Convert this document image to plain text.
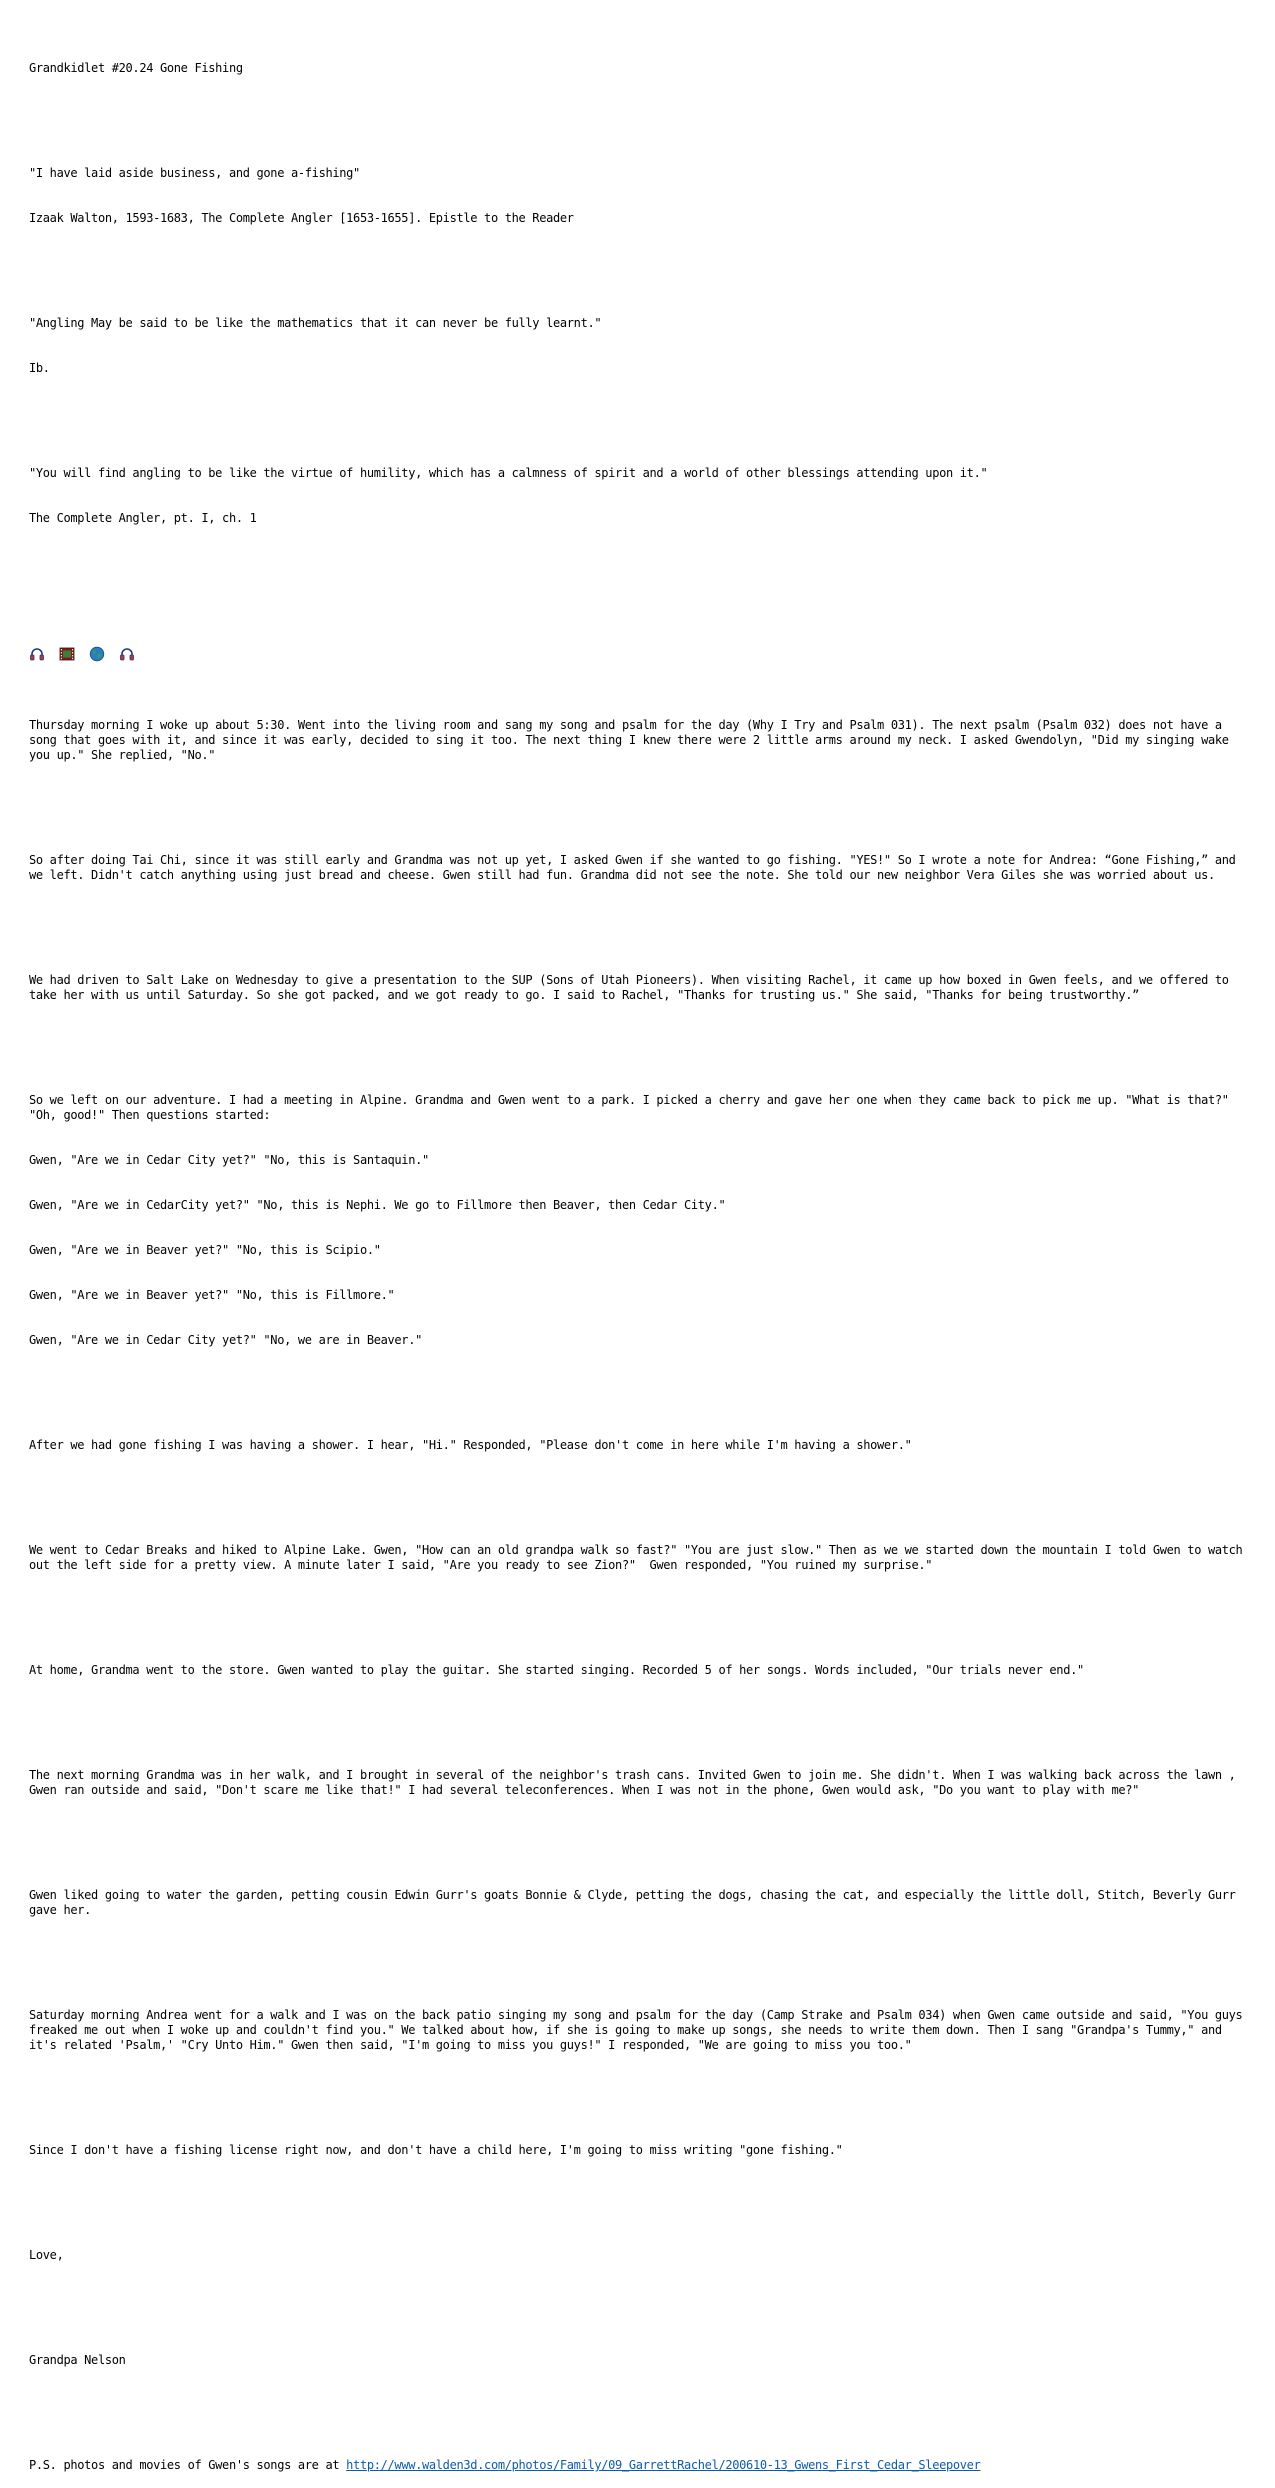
Grandkidlet #20.24 Gone Fishing

"I have laid aside business, and gone a-fishing"

Izaak Walton, 1593-1683, The Complete Angler [1653-1655]. Epistle to the Reader

"Angling May be said to be like the mathematics that it can never be fully learnt."

Ib.

"You will find angling to be like the virtue of humility, which has a calmness of spirit and a world of other blessings attending upon it."

The Complete Angler, pt. I, ch. 1

Thursday morning I woke up about 5:30. Went into the living room and sang my song and psalm for the day (Why I Try and Psalm 031). The next psalm (Psalm 032) does not have a song that goes with it, and since it was early, decided to sing it too. The next thing I knew there were 2 little arms around my neck. I asked Gwendolyn, "Did my singing wake you up." She replied, "No."

So after doing Tai Chi, since it was still early and Grandma was not up yet, I asked Gwen if she wanted to go fishing. "YES!" So I wrote a note for Andrea: “Gone Fishing,” and we left. Didn't catch anything using just bread and cheese. Gwen still had fun. Grandma did not see the note. She told our new neighbor Vera Giles she was worried about us.

We had driven to Salt Lake on Wednesday to give a presentation to the SUP (Sons of Utah Pioneers). When visiting Rachel, it came up how boxed in Gwen feels, and we offered to take her with us until Saturday. So she got packed, and we got ready to go. I said to Rachel, "Thanks for trusting us." She said, "Thanks for being trustworthy.”

So we left on our adventure. I had a meeting in Alpine. Grandma and Gwen went to a park. I picked a cherry and gave her one when they came back to pick me up. "What is that?" "Oh, good!" Then questions started:

Gwen, "Are we in Cedar City yet?" "No, this is Santaquin."

Gwen, "Are we in CedarCity yet?" "No, this is Nephi. We go to Fillmore then Beaver, then Cedar City."

Gwen, "Are we in Beaver yet?" "No, this is Scipio."

Gwen, "Are we in Beaver yet?" "No, this is Fillmore."

Gwen, "Are we in Cedar City yet?" "No, we are in Beaver."

After we had gone fishing I was having a shower. I hear, "Hi." Responded, "Please don't come in here while I'm having a shower."

We went to Cedar Breaks and hiked to Alpine Lake. Gwen, "How can an old grandpa walk so fast?" "You are just slow." Then as we we started down the mountain I told Gwen to watch out the left side for a pretty view. A minute later I said, "Are you ready to see Zion?"  Gwen responded, "You ruined my surprise."

At home, Grandma went to the store. Gwen wanted to play the guitar. She started singing. Recorded 5 of her songs. Words included, "Our trials never end."

The next morning Grandma was in her walk, and I brought in several of the neighbor's trash cans. Invited Gwen to join me. She didn't. When I was walking back across the lawn , Gwen ran outside and said, "Don't scare me like that!" I had several teleconferences. When I was not in the phone, Gwen would ask, "Do you want to play with me?"

Gwen liked going to water the garden, petting cousin Edwin Gurr's goats Bonnie & Clyde, petting the dogs, chasing the cat, and especially the little doll, Stitch, Beverly Gurr gave her.

Saturday morning Andrea went for a walk and I was on the back patio singing my song and psalm for the day (Camp Strake and Psalm 034) when Gwen came outside and said, "You guys freaked me out when I woke up and couldn't find you." We talked about how, if she is going to make up songs, she needs to write them down. Then I sang "Grandpa's Tummy," and it's related 'Psalm,' "Cry Unto Him." Gwen then said, "I'm going to miss you guys!" I responded, "We are going to miss you too."

Since I don't have a fishing license right now, and don't have a child here, I'm going to miss writing "gone fishing."

Love,

Grandpa Nelson

P.S. photos and movies of Gwen's songs are at http://www.walden3d.com/photos/Family/09_GarrettRachel/200610-13_Gwens_First_Cedar_Sleepover
